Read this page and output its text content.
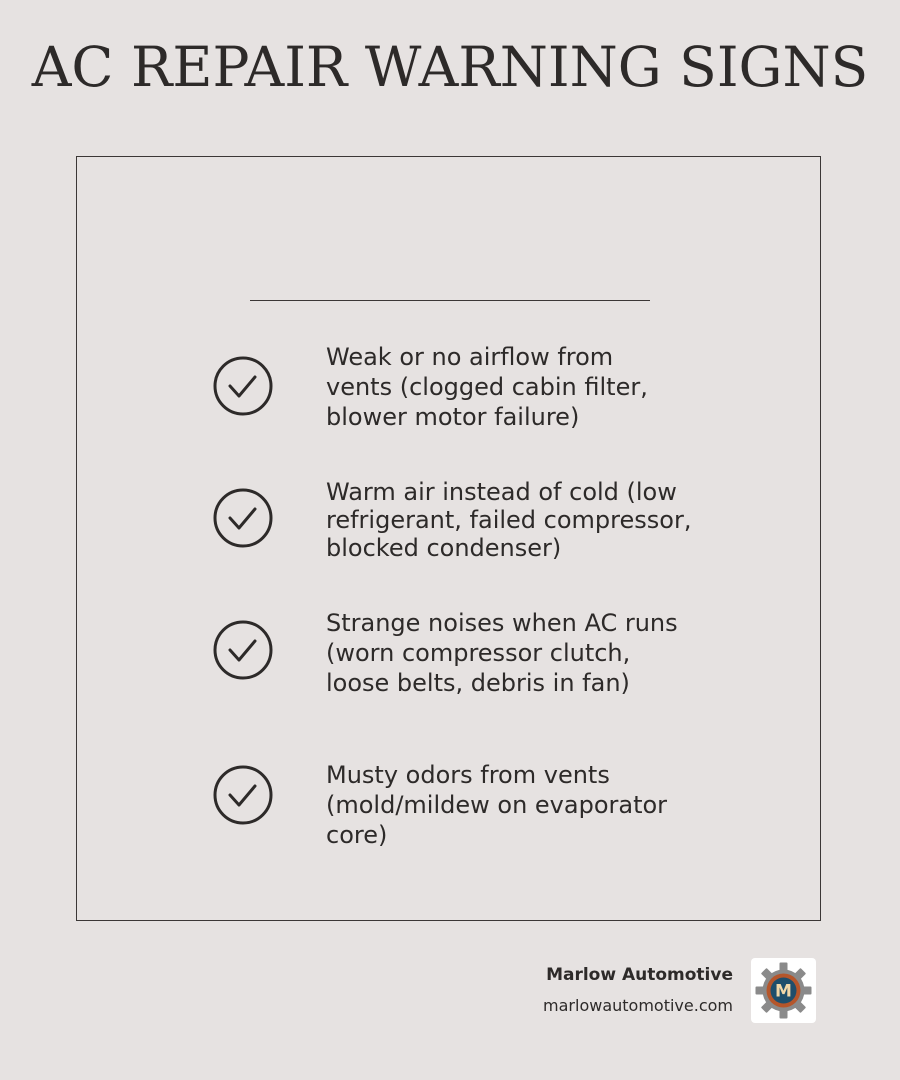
AC REPAIR WARNING SIGNS
Weak or no airflow from
vents (clogged cabin filter,
blower motor failure)
Warm air instead of cold (low
refrigerant, failed compressor,
blocked condenser)
Strange noises when AC runs
(worn compressor clutch,
loose belts, debris in fan)
Musty odors from vents
(mold/mildew on evaporator
core)
Marlow Automotive
marlowautomotive.com
M
